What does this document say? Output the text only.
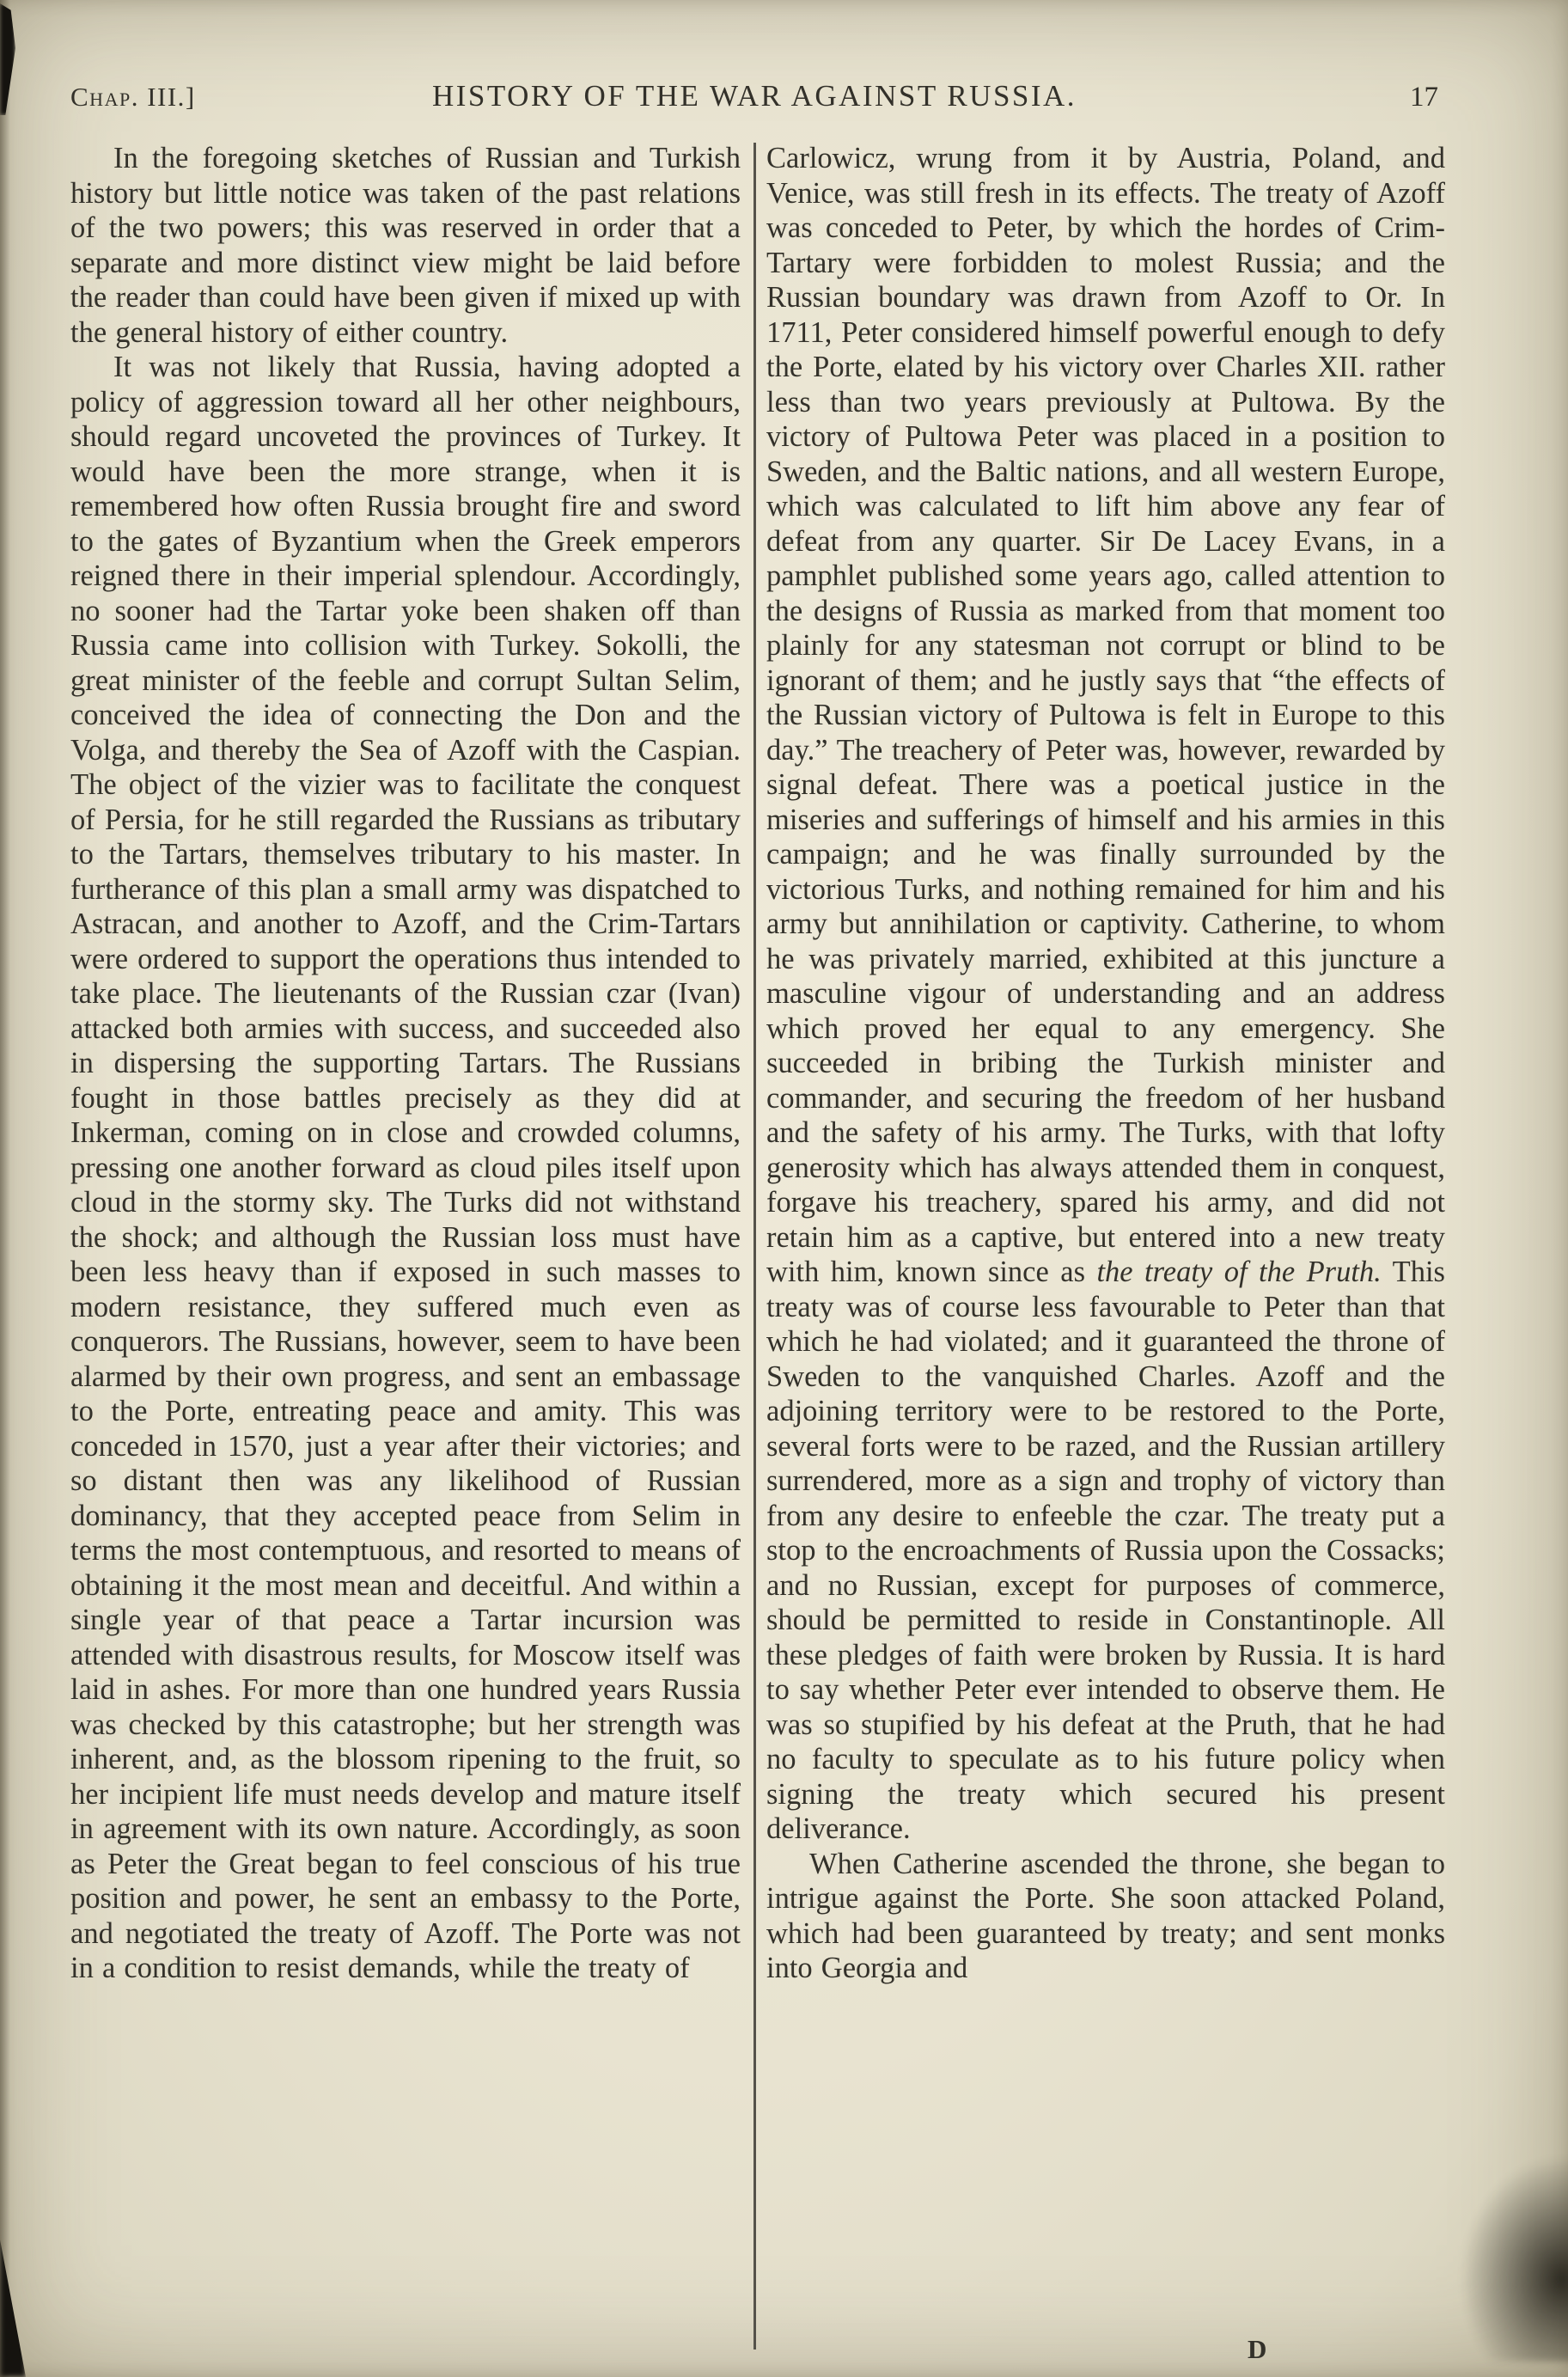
Chap. III.]	HISTORY OF THE WAR AGAINST RUSSIA.	17

In the foregoing sketches of Russian and Turkish history but little notice was taken of the past relations of the two powers; this was reserved in order that a separate and more distinct view might be laid before the reader than could have been given if mixed up with the general history of either country.

It was not likely that Russia, having adopted a policy of aggression toward all her other neighbours, should regard uncoveted the provinces of Turkey. It would have been the more strange, when it is remembered how often Russia brought fire and sword to the gates of Byzantium when the Greek emperors reigned there in their imperial splendour. Accordingly, no sooner had the Tartar yoke been shaken off than Russia came into collision with Turkey. Sokolli, the great minister of the feeble and corrupt Sultan Selim, conceived the idea of connecting the Don and the Volga, and thereby the Sea of Azoff with the Caspian. The object of the vizier was to facilitate the conquest of Persia, for he still regarded the Russians as tributary to the Tartars, themselves tributary to his master. In furtherance of this plan a small army was dispatched to Astracan, and another to Azoff, and the Crim-Tartars were ordered to support the operations thus intended to take place. The lieutenants of the Russian czar (Ivan) attacked both armies with success, and succeeded also in dispersing the supporting Tartars. The Russians fought in those battles precisely as they did at Inkerman, coming on in close and crowded columns, pressing one another forward as cloud piles itself upon cloud in the stormy sky. The Turks did not withstand the shock; and although the Russian loss must have been less heavy than if exposed in such masses to modern resistance, they suffered much even as conquerors. The Russians, however, seem to have been alarmed by their own progress, and sent an embassage to the Porte, entreating peace and amity. This was conceded in 1570, just a year after their victories; and so distant then was any likelihood of Russian dominancy, that they accepted peace from Selim in terms the most contemptuous, and resorted to means of obtaining it the most mean and deceitful. And within a single year of that peace a Tartar incursion was attended with disastrous results, for Moscow itself was laid in ashes. For more than one hundred years Russia was checked by this catastrophe; but her strength was inherent, and, as the blossom ripening to the fruit, so her incipient life must needs develop and mature itself in agreement with its own nature. Accordingly, as soon as Peter the Great began to feel conscious of his true position and power, he sent an embassy to the Porte, and negotiated the treaty of Azoff. The Porte was not in a condition to resist demands, while the treaty of

Carlowicz, wrung from it by Austria, Poland, and Venice, was still fresh in its effects. The treaty of Azoff was conceded to Peter, by which the hordes of Crim-Tartary were forbidden to molest Russia; and the Russian boundary was drawn from Azoff to Or. In 1711, Peter considered himself powerful enough to defy the Porte, elated by his victory over Charles XII. rather less than two years previously at Pultowa. By the victory of Pultowa Peter was placed in a position to Sweden, and the Baltic nations, and all western Europe, which was calculated to lift him above any fear of defeat from any quarter. Sir De Lacey Evans, in a pamphlet published some years ago, called attention to the designs of Russia as marked from that moment too plainly for any statesman not corrupt or blind to be ignorant of them; and he justly says that “the effects of the Russian victory of Pultowa is felt in Europe to this day.” The treachery of Peter was, however, rewarded by signal defeat. There was a poetical justice in the miseries and sufferings of himself and his armies in this campaign; and he was finally surrounded by the victorious Turks, and nothing remained for him and his army but annihilation or captivity. Catherine, to whom he was privately married, exhibited at this juncture a masculine vigour of understanding and an address which proved her equal to any emergency. She succeeded in bribing the Turkish minister and commander, and securing the freedom of her husband and the safety of his army. The Turks, with that lofty generosity which has always attended them in conquest, forgave his treachery, spared his army, and did not retain him as a captive, but entered into a new treaty with him, known since as the treaty of the Pruth. This treaty was of course less favourable to Peter than that which he had violated; and it guaranteed the throne of Sweden to the vanquished Charles. Azoff and the adjoining territory were to be restored to the Porte, several forts were to be razed, and the Russian artillery surrendered, more as a sign and trophy of victory than from any desire to enfeeble the czar. The treaty put a stop to the encroachments of Russia upon the Cossacks; and no Russian, except for purposes of commerce, should be permitted to reside in Constantinople. All these pledges of faith were broken by Russia. It is hard to say whether Peter ever intended to observe them. He was so stupified by his defeat at the Pruth, that he had no faculty to speculate as to his future policy when signing the treaty which secured his present deliverance.

When Catherine ascended the throne, she began to intrigue against the Porte. She soon attacked Poland, which had been guaranteed by treaty; and sent monks into Georgia and

D
